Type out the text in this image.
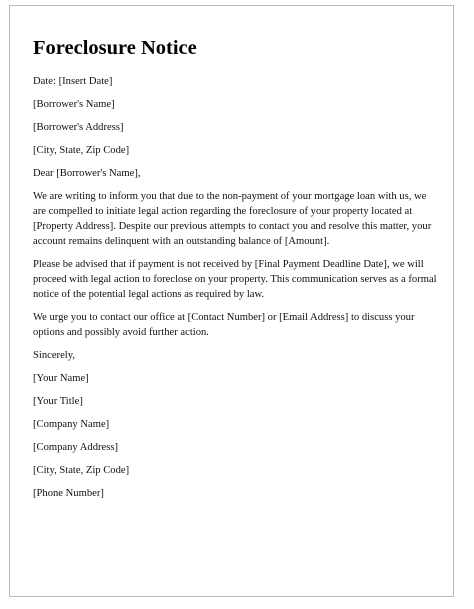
Foreclosure Notice

Date: [Insert Date]

[Borrower's Name]

[Borrower's Address]

[City, State, Zip Code]

Dear [Borrower's Name],

We are writing to inform you that due to the non-payment of your mortgage loan with us, we are compelled to initiate legal action regarding the foreclosure of your property located at [Property Address]. Despite our previous attempts to contact you and resolve this matter, your account remains delinquent with an outstanding balance of [Amount].

Please be advised that if payment is not received by [Final Payment Deadline Date], we will proceed with legal action to foreclose on your property. This communication serves as a formal notice of the potential legal actions as required by law.

We urge you to contact our office at [Contact Number] or [Email Address] to discuss your options and possibly avoid further action.

Sincerely,

[Your Name]

[Your Title]

[Company Name]

[Company Address]

[City, State, Zip Code]

[Phone Number]
